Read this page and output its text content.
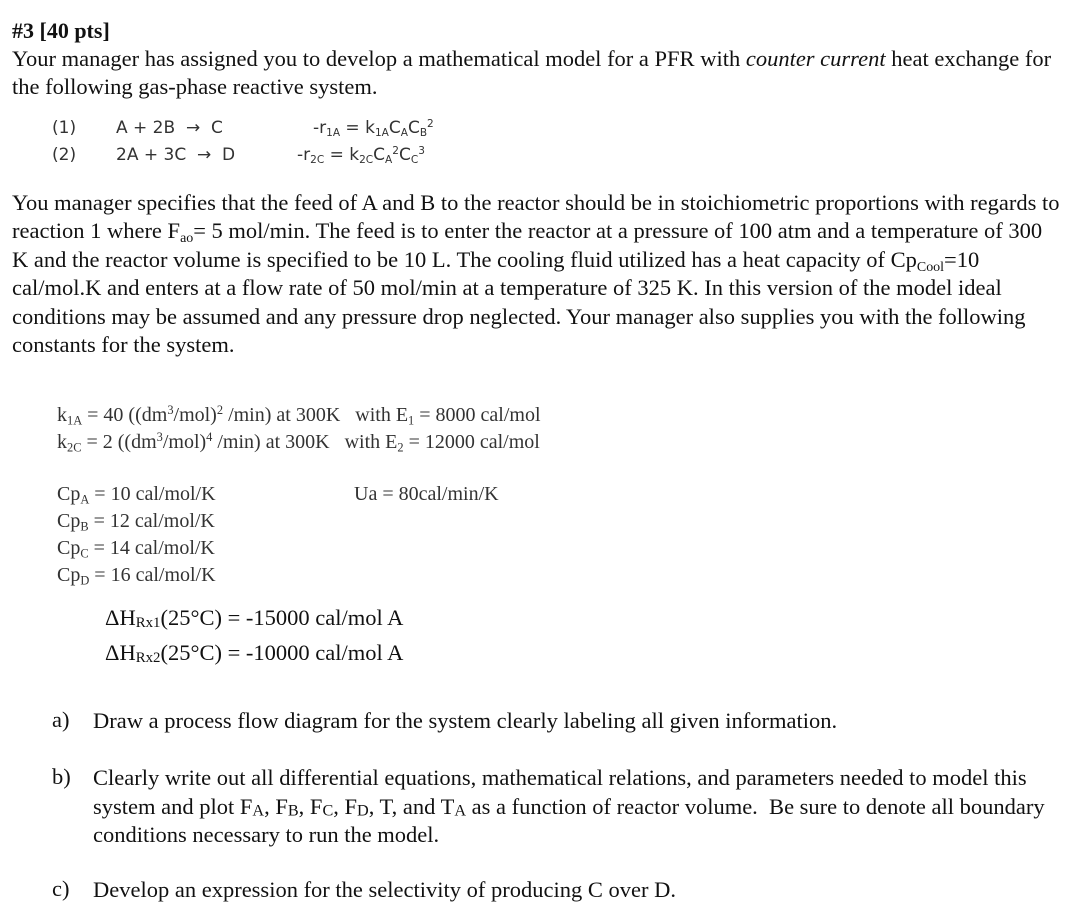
#3 [40 pts]
Your manager has assigned you to develop a mathematical model for a PFR with counter current heat exchange for the following gas-phase reactive system.
(1) A + 2B  →  C	$-r_{1A} = k_{1A}C_AC_B^2$
(2) 2A + 3C  →  D	$-r_{2C} = k_{2C}C_A^2C_C^3$
You manager specifies that the feed of A and B to the reactor should be in stoichiometric proportions with regards to reaction 1 where $F_{ao}= 5$ mol/min. The feed is to enter the reactor at a pressure of 100 atm and a temperature of 300 K and the reactor volume is specified to be 10 L. The cooling fluid utilized has a heat capacity of $Cp_{Cool}=10$ cal/mol.K and enters at a flow rate of 50 mol/min at a temperature of 325 K. In this version of the model ideal conditions may be assumed and any pressure drop neglected. Your manager also supplies you with the following constants for the system.
$k_{1A} = 40$ ($(dm^3/mol)^2$ /min) at 300K   with $E_1 = 8000$ cal/mol
$k_{2C} = 2$ ($(dm^3/mol)^4$ /min) at 300K   with $E_2 = 12000$ cal/mol
$Cp_A = 10$ cal/mol/K
$Cp_B = 12$ cal/mol/K
$Cp_C = 14$ cal/mol/K
$Cp_D = 16$ cal/mol/K
Ua = 80cal/min/K
$\Delta H_{Rx1}(25^\circ C) = -15000$ cal/mol A
$\Delta H_{Rx2}(25^\circ C) = -10000$ cal/mol A
a) Draw a process flow diagram for the system clearly labeling all given information.
b) Clearly write out all differential equations, mathematical relations, and parameters needed to model this system and plot $F_A$, $F_B$, $F_C$, $F_D$, T, and $T_A$ as a function of reactor volume.  Be sure to denote all boundary conditions necessary to run the model.
c) Develop an expression for the selectivity of producing C over D.
